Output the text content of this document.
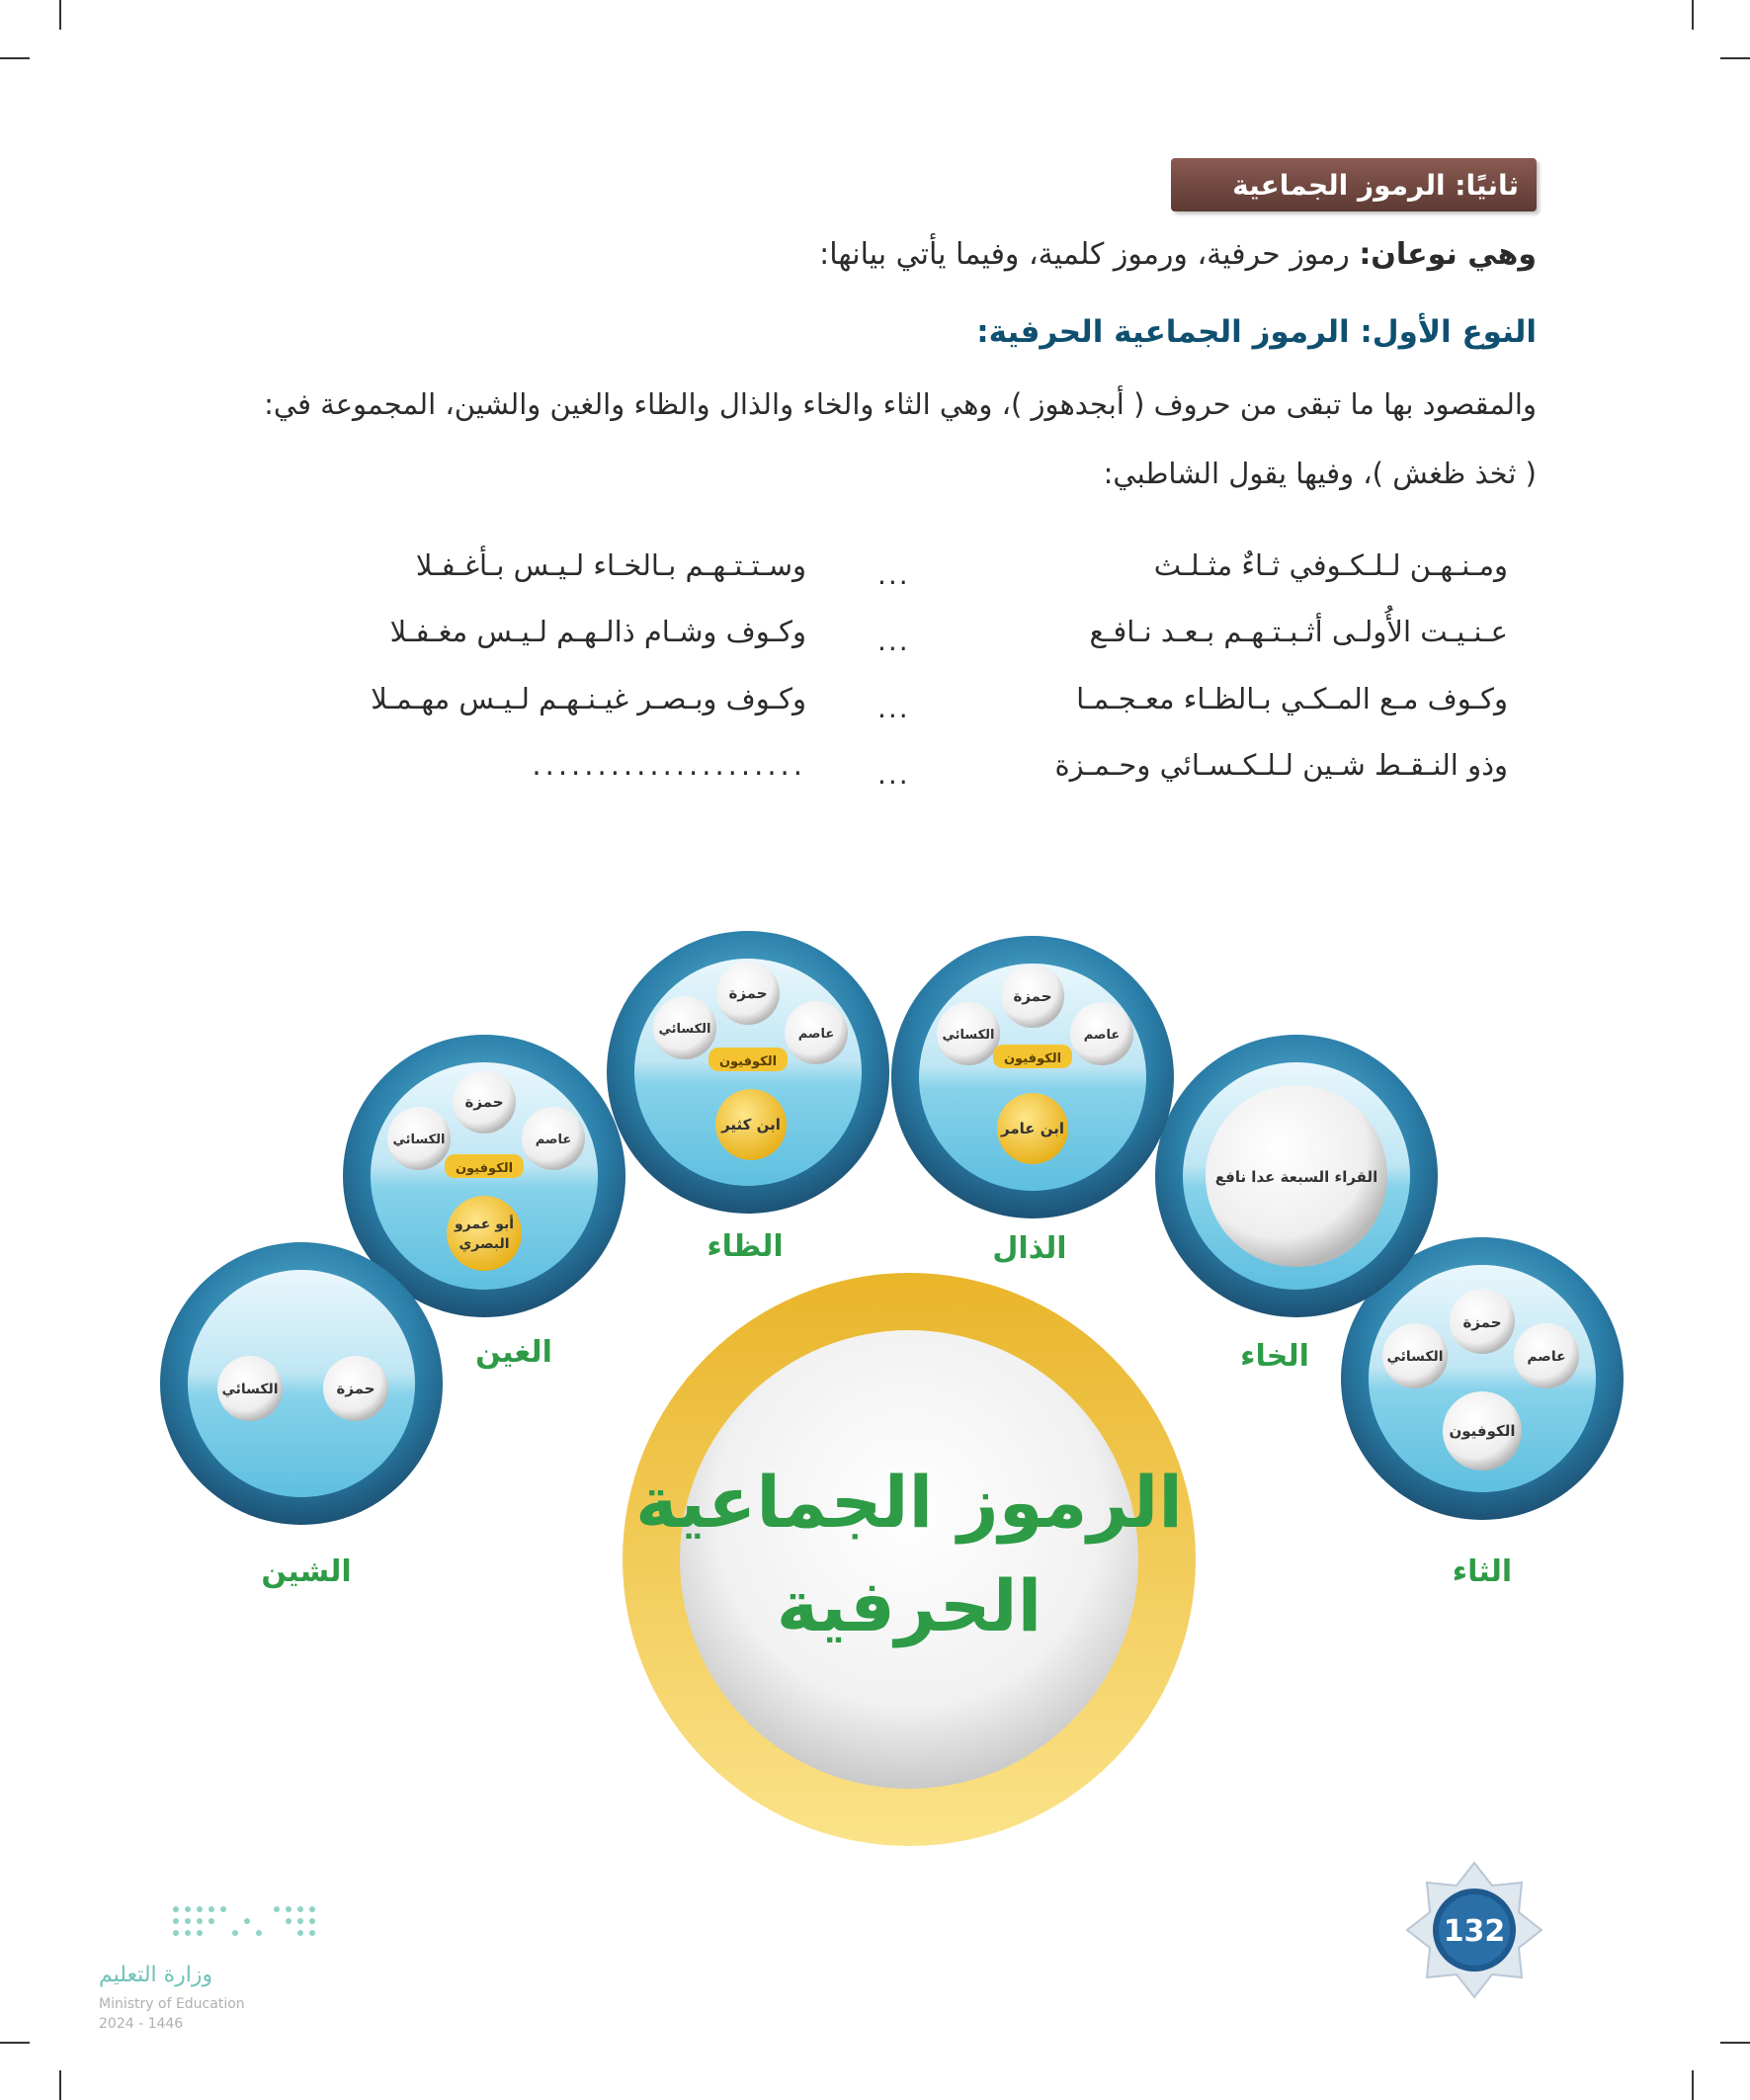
ثانيًا: الرموز الجماعية
وهي نوعان: رموز حرفية، ورموز كلمية، وفيما يأتي بيانها:
النوع الأول: الرموز الجماعية الحرفية:
والمقصود بها ما تبقى من حروف ( أبجدهوز )، وهي الثاء والخاء والذال والظاء والغين والشين، المجموعة في:
( ثخذ ظغش )، وفيها يقول الشاطبي:
ومـنـهـن لـلـكـوفي ثـاءٌ مثـلـث
...
وسـتـتـهـم بـالخـاء لـيـس بـأغـفـلا
عـنـيـت الأُولـى أثـبـتـهـم بـعـد نـافـع
...
وكـوف وشـام ذالـهـم لـيـس مغـفـلا
وكـوف مـع المـكـي بـالظـاء معـجـمـا
...
وكـوف وبـصـر غيـنـهـم لـيـس مهـمـلا
وذو النـقـط شـين لـلـكـسـائي وحـمـزة
...
.....................
الرموز الجماعية
الحرفية
حمزة
الكسائي	عاصم
الكوفيون
الثاء
القراء السبعة عدا نافع
الخاء
حمزة
الكسائي	عاصم
الكوفيون
ابن عامر
الذال
حمزة
الكسائي	عاصم
الكوفيون
ابن كثير
الظاء
حمزة
الكسائي	عاصم
الكوفيون
أبو عمرو
البصري
الغين
الكسائي	حمزة
الشين
132
وزارة التعليم
Ministry of Education
2024 - 1446
